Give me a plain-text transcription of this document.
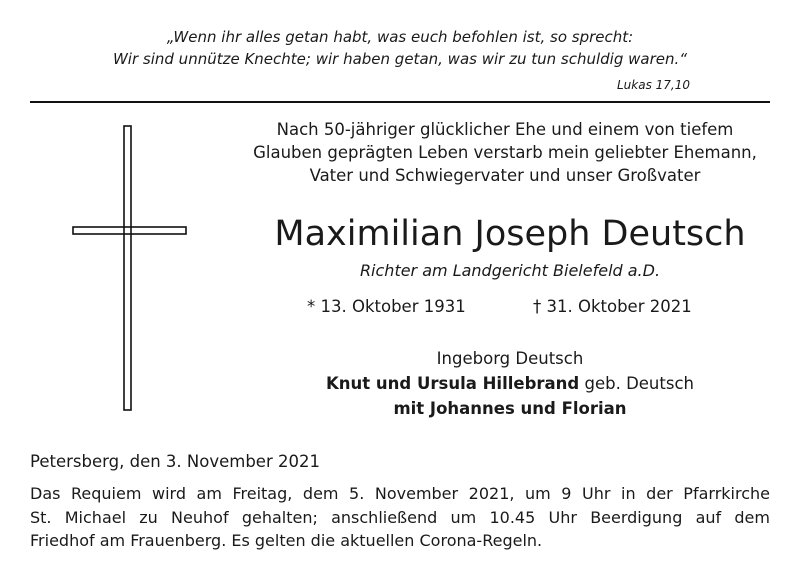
„Wenn ihr alles getan habt, was euch befohlen ist, so sprecht:
Wir sind unnütze Knechte; wir haben getan, was wir zu tun schuldig waren.“
Lukas 17,10
Nach 50-jähriger glücklicher Ehe und einem von tiefem
Glauben geprägten Leben verstarb mein geliebter Ehemann,
Vater und Schwiegervater und unser Großvater
Maximilian Joseph Deutsch
Richter am Landgericht Bielefeld a.D.
* 13. Oktober 1931	† 31. Oktober 2021
Ingeborg Deutsch
Knut und Ursula Hillebrand geb. Deutsch
mit Johannes und Florian
Petersberg, den 3. November 2021
Das Requiem wird am Freitag, dem 5. November 2021, um 9 Uhr in der Pfarrkirche
St. Michael zu Neuhof gehalten; anschließend um 10.45 Uhr Beerdigung auf dem
Friedhof am Frauenberg. Es gelten die aktuellen Corona-Regeln.
